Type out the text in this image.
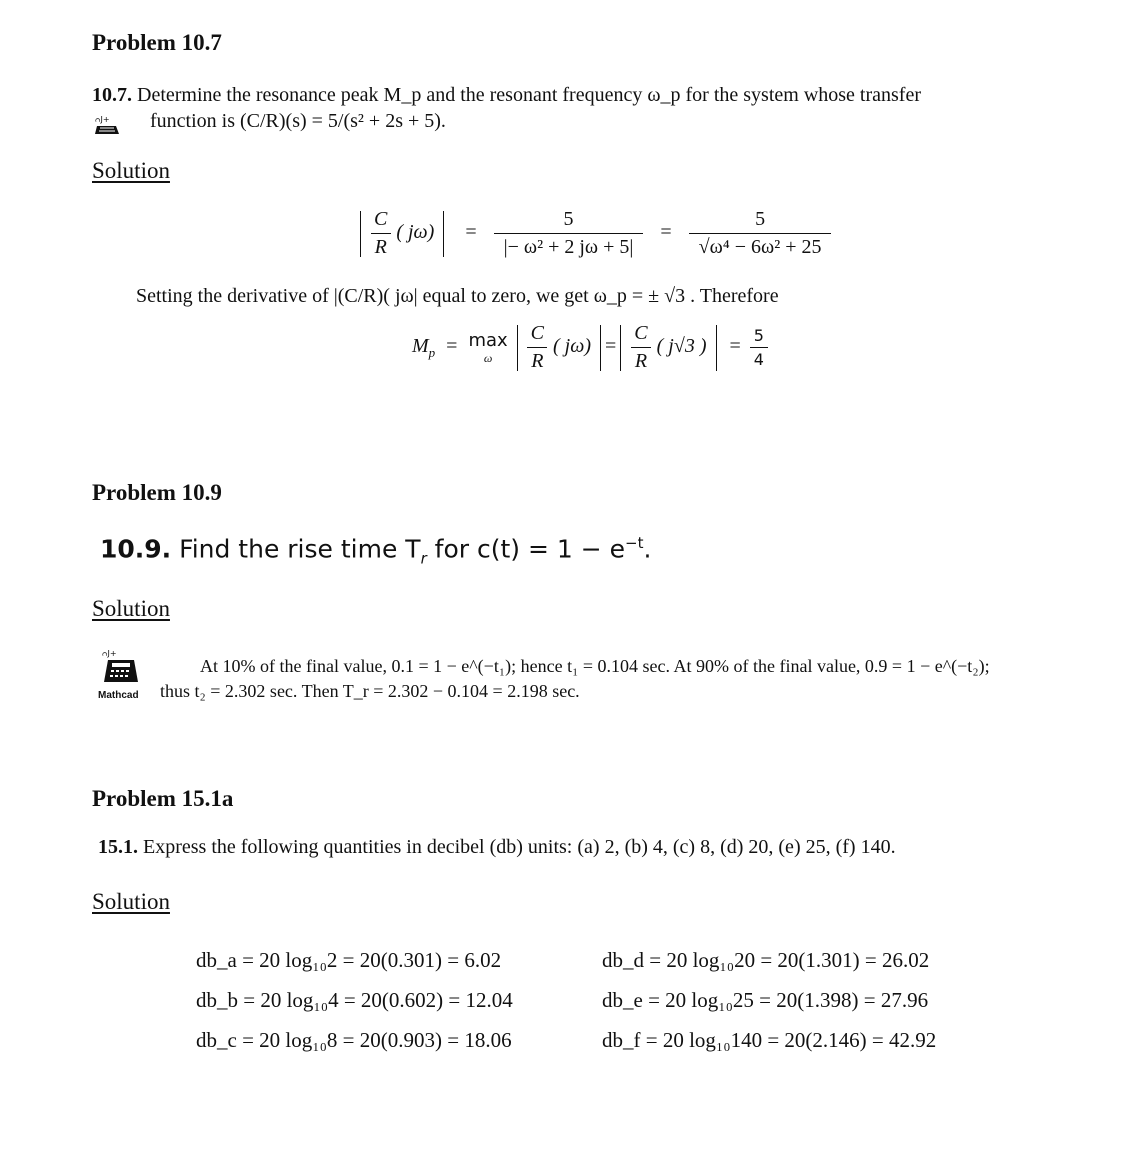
Problem 10.7
10.7. Determine the resonance peak M_p and the resonant frequency ω_p for the system whose transfer
ᴒJ+ function is (C/R)(s) = 5/(s² + 2s + 5).
Solution

$\frac{C}{R}$ ( $j\omega) = \frac{5}{\text{|− ω² + 2 jω + 5|}} = \frac{5}{\text{√ω⁴ − 6ω² + 25}}$
Setting the derivative of |(C/R)( jω| equal to zero, we get ω_p = ± √3 . Therefore
$M_p = \max$
ω
$\frac{C}{R}$ ( $j\omega) = \frac{C}{R}$ ( j√3 ) = $\frac{5}{4}$
Problem 10.9
10.9. Find the rise time $T_r$ for $c(t) = 1 - e^{-t}$.
Solution
ᴒJ+
Mathcad
At 10% of the final value, 0.1 = 1 − e^(−t₁); hence t₁ = 0.104 sec. At 90% of the final value, 0.9 = 1 − e^(−t₂);
thus t₂ = 2.302 sec. Then T_r = 2.302 − 0.104 = 2.198 sec.
Problem 15.1a
15.1. Express the following quantities in decibel (db) units: (a) 2, (b) 4, (c) 8, (d) 20, (e) 25, (f) 140.
Solution
db_a = 20 log₁₀2 = 20(0.301) = 6.02
db_b = 20 log₁₀4 = 20(0.602) = 12.04
db_c = 20 log₁₀8 = 20(0.903) = 18.06
db_d = 20 log₁₀20 = 20(1.301) = 26.02
db_e = 20 log₁₀25 = 20(1.398) = 27.96
db_f = 20 log₁₀140 = 20(2.146) = 42.92
